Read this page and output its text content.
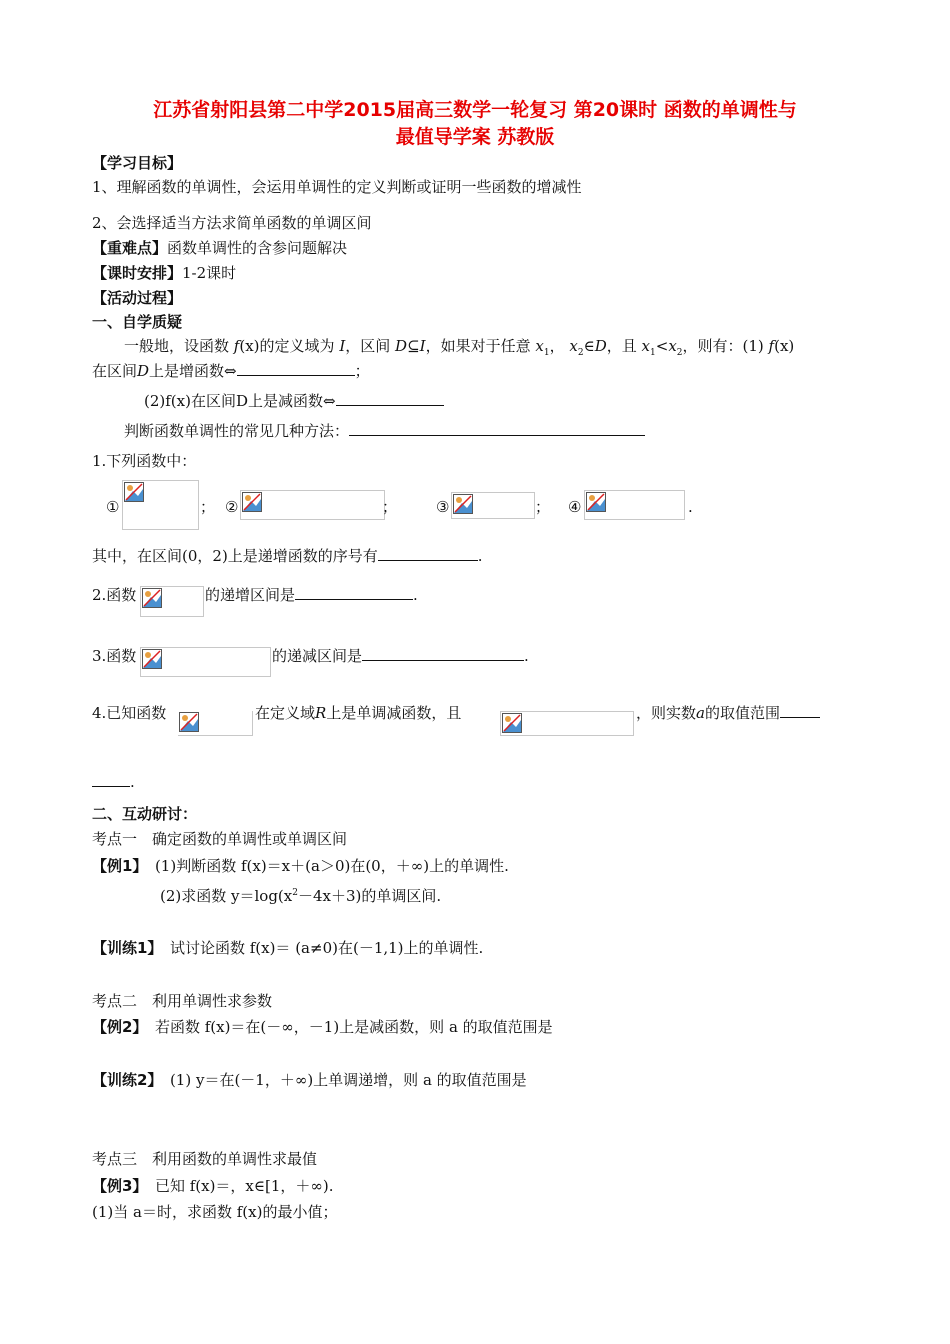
江苏省射阳县第二中学2015届高三数学一轮复习 第20课时 函数的单调性与
最值导学案 苏教版
【学习目标】
1、理解函数的单调性，会运用单调性的定义判断或证明一些函数的增减性
2、会选择适当方法求简单函数的单调区间
【重难点】函数单调性的含参问题解决
【课时安排】1-2课时
【活动过程】
一、自学质疑
一般地，设函数 f(x)的定义域为 I，区间 D⊆I，如果对于任意 $x_1$， $x_2\in D$，且 $x_1<x_2$，则有：(1) f(x)
在区间D上是增函数⇔	；
(2)f(x)在区间D上是减函数⇔
判断函数单调性的常见几种方法：
1.下列函数中：
①	； ②	；	③	； ④	.
其中，在区间(0，2)上是递增函数的序号有	.
2.函数	的递增区间是	.
3.函数	的递减区间是	.
4.已知函数	在定义域R上是单调减函数，且	，则实数a的取值范围
.
二、互动研讨：
考点一　确定函数的单调性或单调区间
【例1】　 (1)判断函数 f(x)＝x＋(a＞0)在(0，＋∞)上的单调性.
(2)求函数 $y=\log(x^2-4x+3)$的单调区间.
【训练1】　 试讨论函数 f(x)＝ (a≠0)在(－1,1)上的单调性.
考点二　利用单调性求参数
【例2】　 若函数 f(x)＝在(－∞，－1)上是减函数，则 a 的取值范围是
【训练2】　 (1) y＝在(－1，＋∞)上单调递增，则 a 的取值范围是
考点三　利用函数的单调性求最值
【例3】　 已知 f(x)＝，x∈[1，＋∞).
(1)当 a＝时，求函数 f(x)的最小值；
